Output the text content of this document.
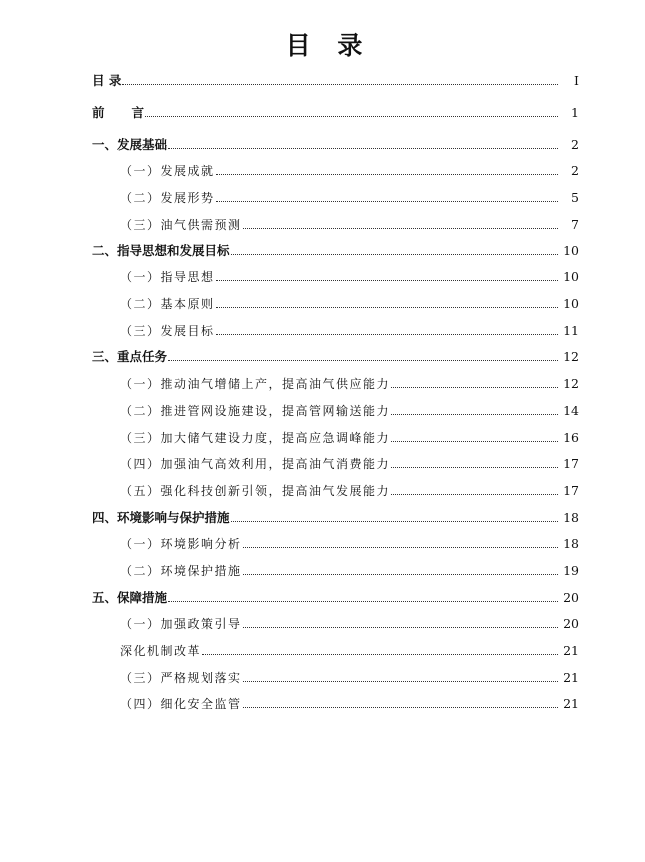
目 录
目 录	I
前言	1
一、发展基础	2
（一）发展成就	2
（二）发展形势	5
（三）油气供需预测	7
二、指导思想和发展目标	10
（一）指导思想	10
（二）基本原则	10
（三）发展目标	11
三、重点任务	12
（一）推动油气增储上产，提高油气供应能力	12
（二）推进管网设施建设，提高管网输送能力	14
（三）加大储气建设力度，提高应急调峰能力	16
（四）加强油气高效利用，提高油气消费能力	17
（五）强化科技创新引领，提高油气发展能力	17
四、环境影响与保护措施	18
（一）环境影响分析	18
（二）环境保护措施	19
五、保障措施	20
（一）加强政策引导	20
深化机制改革	21
（三）严格规划落实	21
（四）细化安全监管	21
